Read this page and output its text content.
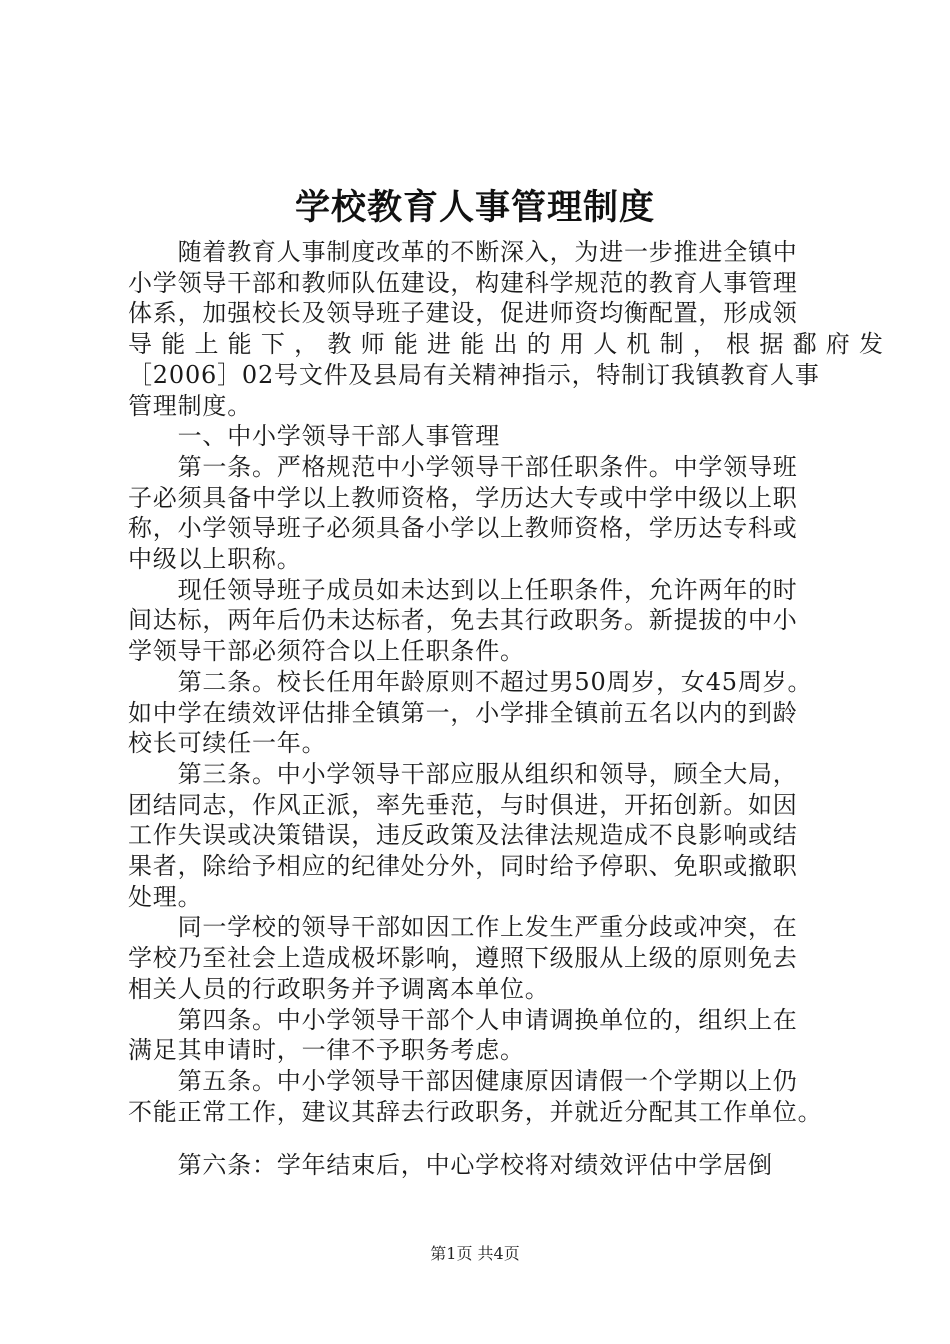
学校教育人事管理制度
　　随着教育人事制度改革的不断深入，为进一步推进全镇中
小学领导干部和教师队伍建设，构建科学规范的教育人事管理
体系，加强校长及领导班子建设，促进师资均衡配置，形成领
导 能 上 能 下 ， 教 师 能 进 能 出 的 用 人 机 制 ， 根 据 鄱 府 发
［2006］02号文件及县局有关精神指示，特制订我镇教育人事
管理制度。
　　一、中小学领导干部人事管理
　　第一条。严格规范中小学领导干部任职条件。中学领导班
子必须具备中学以上教师资格，学历达大专或中学中级以上职
称，小学领导班子必须具备小学以上教师资格，学历达专科或
中级以上职称。
　　现任领导班子成员如未达到以上任职条件，允许两年的时
间达标，两年后仍未达标者，免去其行政职务。新提拔的中小
学领导干部必须符合以上任职条件。
　　第二条。校长任用年龄原则不超过男50周岁，女45周岁。
如中学在绩效评估排全镇第一，小学排全镇前五名以内的到龄
校长可续任一年。
　　第三条。中小学领导干部应服从组织和领导，顾全大局，
团结同志，作风正派，率先垂范，与时俱进，开拓创新。如因
工作失误或决策错误，违反政策及法律法规造成不良影响或结
果者，除给予相应的纪律处分外，同时给予停职、免职或撤职
处理。
　　同一学校的领导干部如因工作上发生严重分歧或冲突，在
学校乃至社会上造成极坏影响，遵照下级服从上级的原则免去
相关人员的行政职务并予调离本单位。
　　第四条。中小学领导干部个人申请调换单位的，组织上在
满足其申请时，一律不予职务考虑。
　　第五条。中小学领导干部因健康原因请假一个学期以上仍
不能正常工作，建议其辞去行政职务，并就近分配其工作单位。
　　第六条：学年结束后，中心学校将对绩效评估中学居倒
第1页 共4页
